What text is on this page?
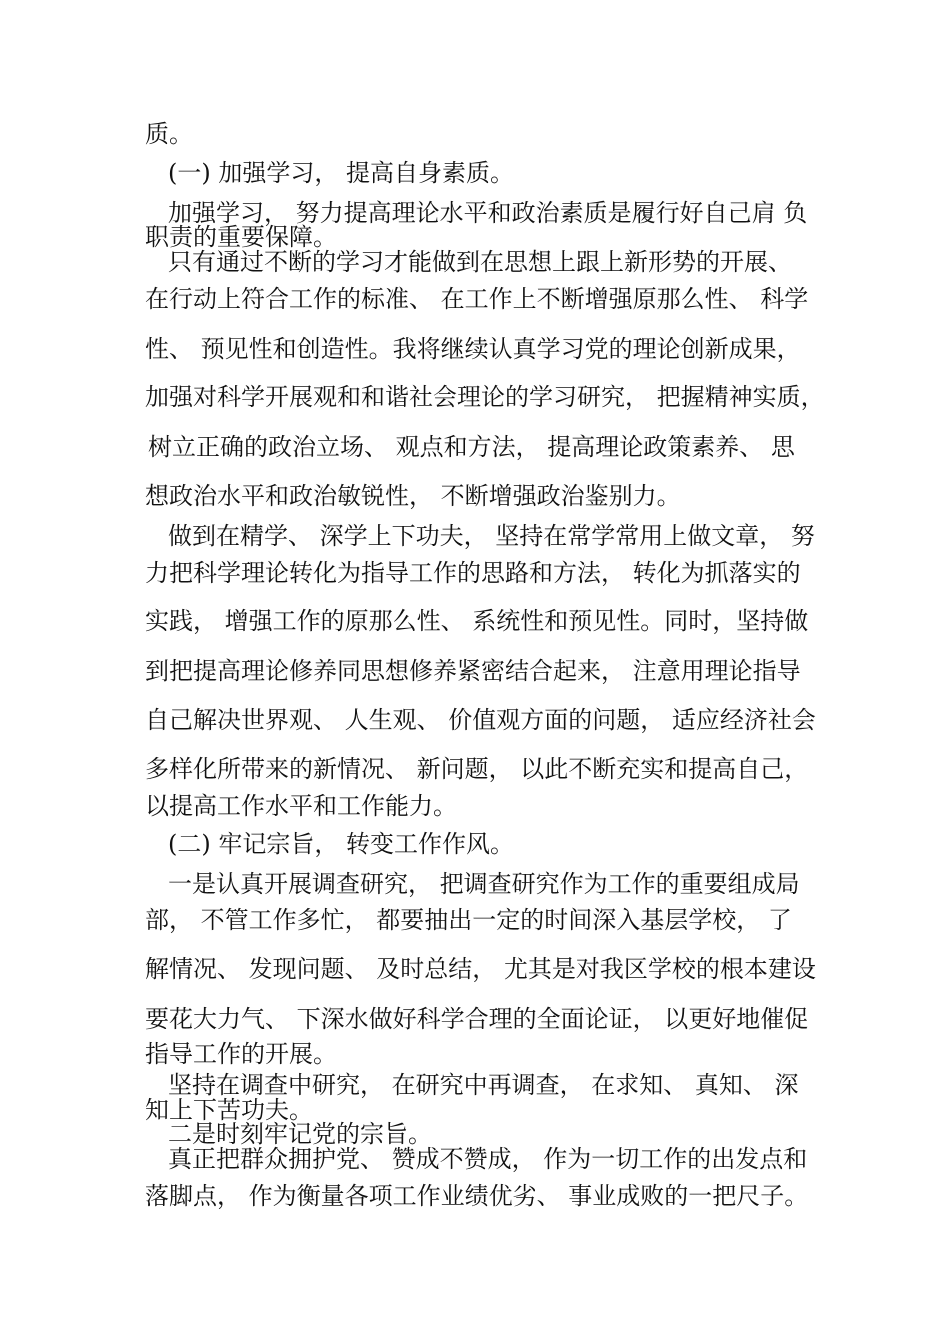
质。

(一) 加强学习， 提高自身素质。

加强学习， 努力提高理论水平和政治素质是履行好自己肩 负

职责的重要保障。

只有通过不断的学习才能做到在思想上跟上新形势的开展、

在行动上符合工作的标准、 在工作上不断增强原那么性、 科学

性、 预见性和创造性。我将继续认真学习党的理论创新成果，

加强对科学开展观和和谐社会理论的学习研究， 把握精神实质，

树立正确的政治立场、 观点和方法， 提高理论政策素养、 思

想政治水平和政治敏锐性， 不断增强政治鉴别力。

做到在精学、 深学上下功夫， 坚持在常学常用上做文章， 努

力把科学理论转化为指导工作的思路和方法， 转化为抓落实的

实践， 增强工作的原那么性、 系统性和预见性。同时，坚持做

到把提高理论修养同思想修养紧密结合起来， 注意用理论指导

自己解决世界观、 人生观、 价值观方面的问题， 适应经济社会

多样化所带来的新情况、 新问题， 以此不断充实和提高自己，

以提高工作水平和工作能力。

(二) 牢记宗旨， 转变工作作风。

一是认真开展调查研究， 把调查研究作为工作的重要组成局

部， 不管工作多忙， 都要抽出一定的时间深入基层学校， 了

解情况、 发现问题、 及时总结， 尤其是对我区学校的根本建设

要花大力气、 下深水做好科学合理的全面论证， 以更好地催促

指导工作的开展。

坚持在调查中研究， 在研究中再调查， 在求知、 真知、 深

知上下苦功夫。

二是时刻牢记党的宗旨。

真正把群众拥护党、 赞成不赞成， 作为一切工作的出发点和

落脚点， 作为衡量各项工作业绩优劣、 事业成败的一把尺子。
